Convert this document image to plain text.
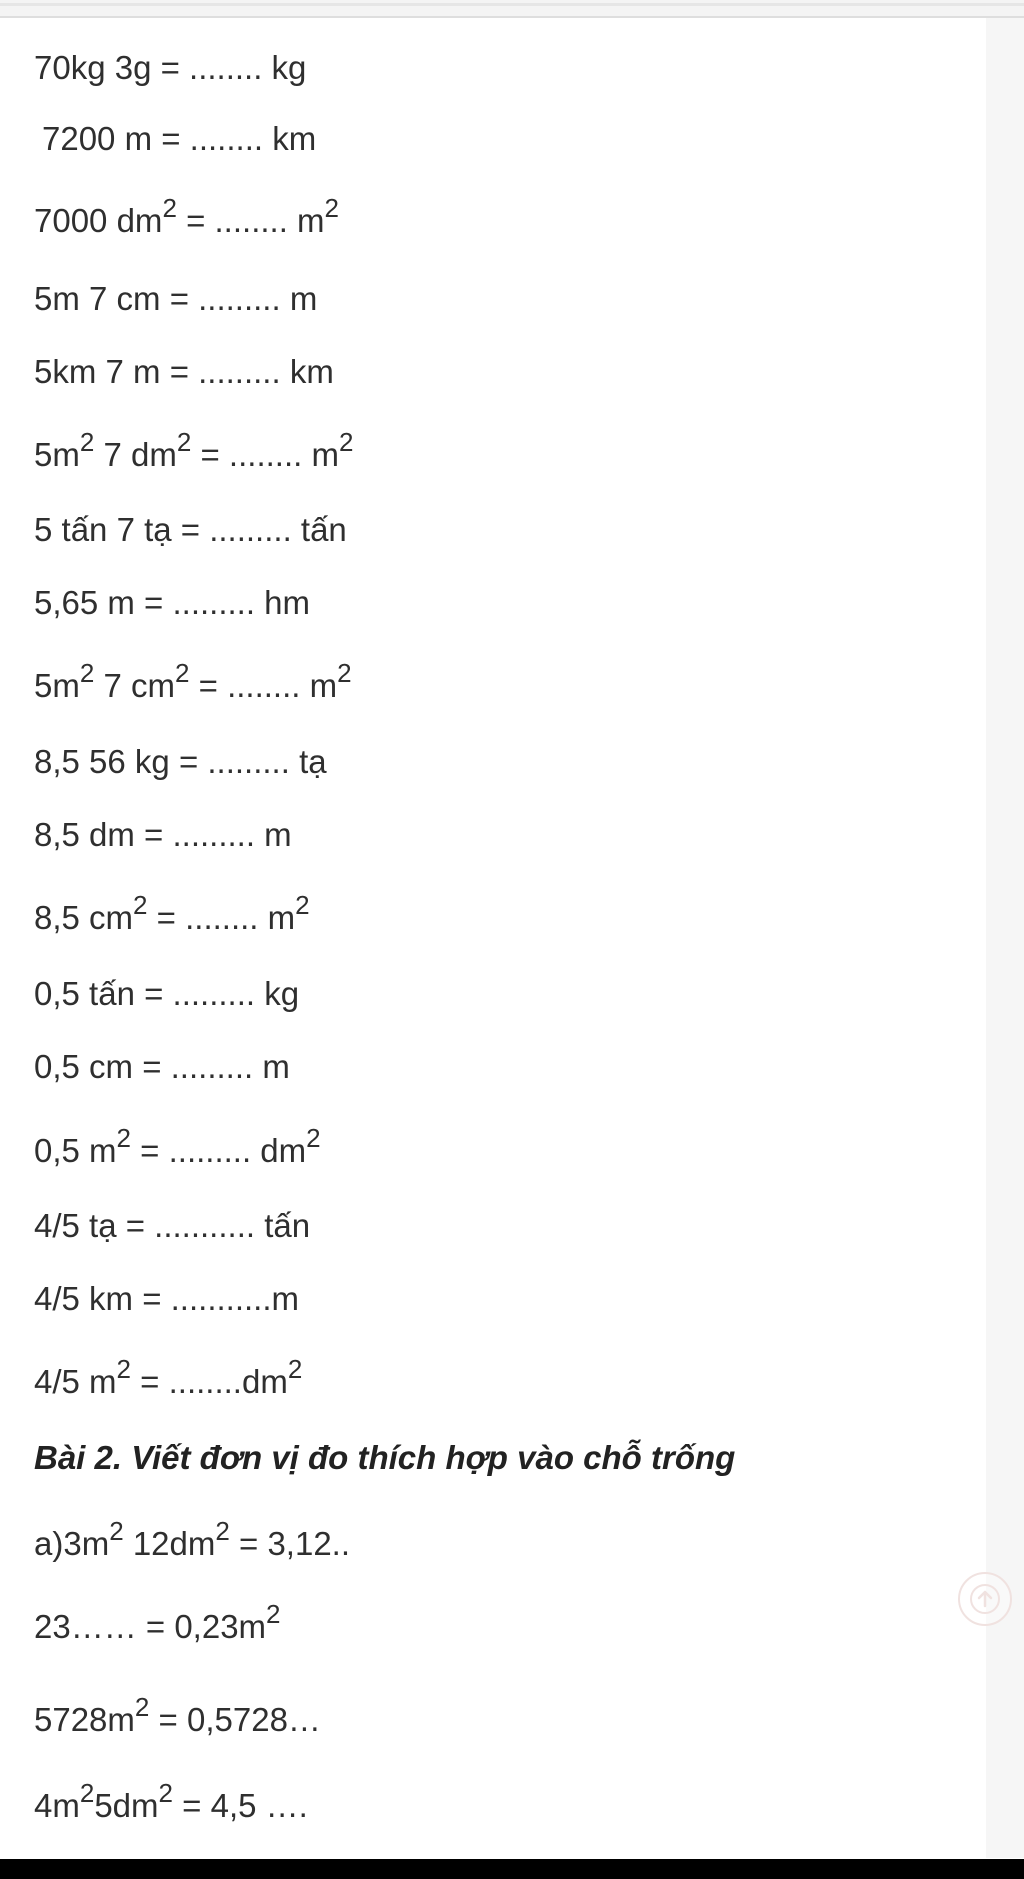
70kg 3g = ........ kg
7200 m = ........ km
7000 $dm^2$ = ........ $m^2$
5m 7 cm = ......... m
5km 7 m = ......... km
$5m^2$ 7 $dm^2$ = ........ $m^2$
5 tấn 7 tạ = ......... tấn
5,65 m = ......... hm
$5m^2$ 7 $cm^2$ = ........ $m^2$
8,5 56 kg = ......... tạ
8,5 dm = ......... m
8,5 $cm^2$ = ........ $m^2$
0,5 tấn = ......... kg
0,5 cm = ......... m
0,5 $m^2$ = ......... $dm^2$
4/5 tạ = ........... tấn
4/5 km = ...........m
4/5 $m^2 = ........dm^2$
Bài 2. Viết đơn vị đo thích hợp vào chỗ trống
$a)3m^2$ $12dm^2 = 3,12$..
23…… = $0,23m^2$
$5728m^2$ = 0,5728…
$4m^25dm^2 = 4,5$ ….
